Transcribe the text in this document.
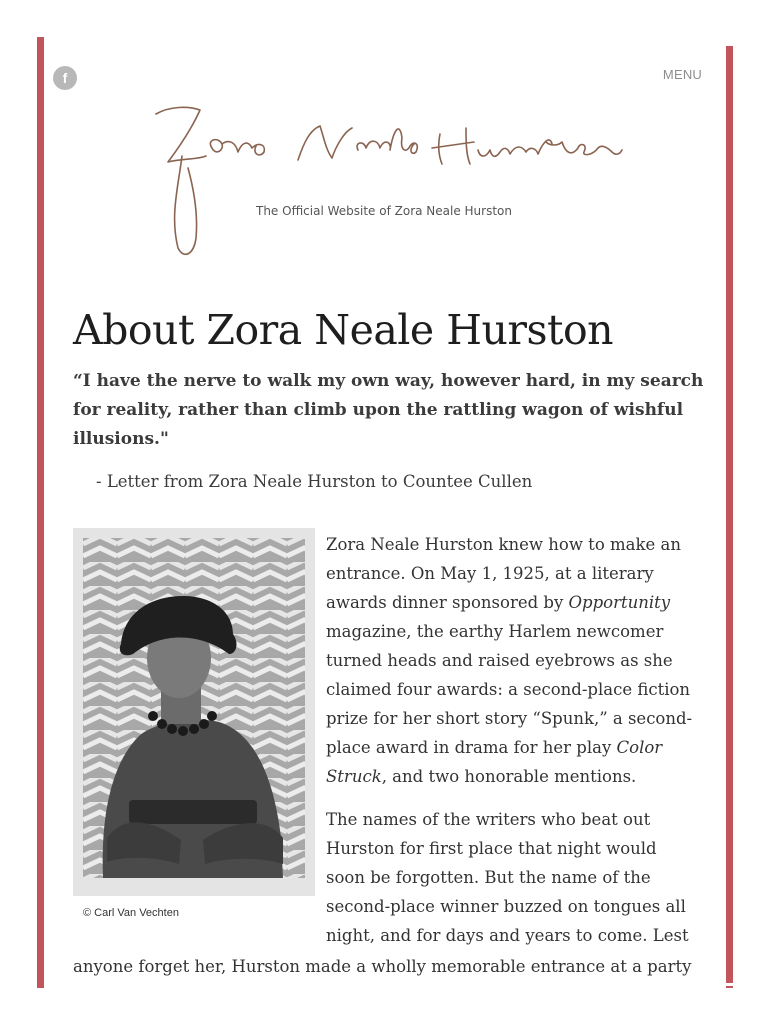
f	MENU
The Official Website of Zora Neale Hurston
About Zora Neale Hurston

“I have the nerve to walk my own way, however hard, in my search for reality, rather than climb upon the rattling wagon of wishful illusions."

- Letter from Zora Neale Hurston to Countee Cullen

© Carl Van Vechten

Zora Neale Hurston knew how to make an entrance. On May 1, 1925, at a literary awards dinner sponsored by Opportunity magazine, the earthy Harlem newcomer turned heads and raised eyebrows as she claimed four awards: a second-place fiction prize for her short story “Spunk,” a second-place award in drama for her play Color Struck, and two honorable mentions.

The names of the writers who beat out Hurston for first place that night would soon be forgotten. But the name of the second-place winner buzzed on tongues all night, and for days and years to come. Lest

anyone forget her, Hurston made a wholly memorable entrance at a party
